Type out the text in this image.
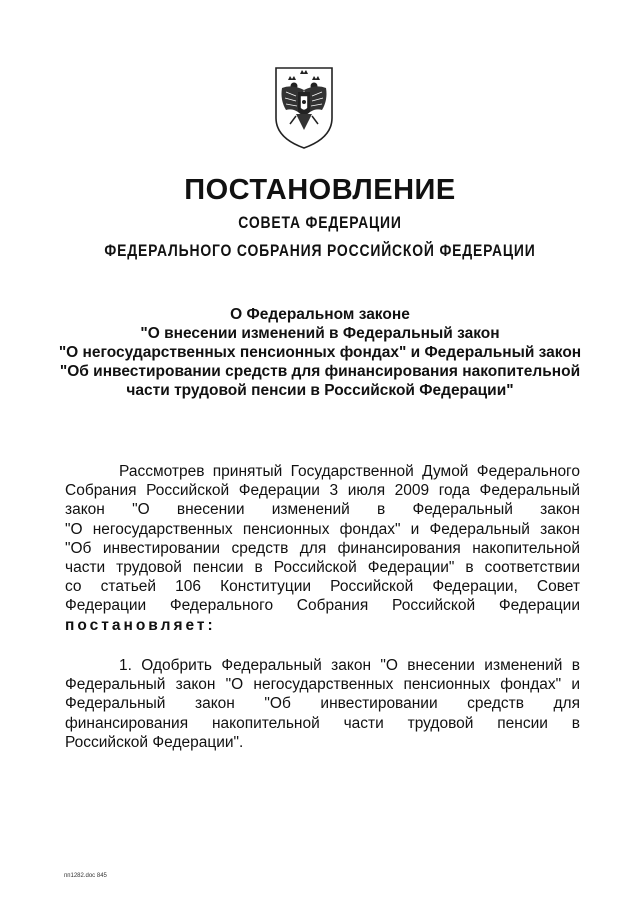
ПОСТАНОВЛЕНИЕ
СОВЕТА ФЕДЕРАЦИИ
ФЕДЕРАЛЬНОГО СОБРАНИЯ РОССИЙСКОЙ ФЕДЕРАЦИИ
О Федеральном законе
"О внесении изменений в Федеральный закон
"О негосударственных пенсионных фондах" и Федеральный закон
"Об инвестировании средств для финансирования накопительной
части трудовой пенсии в Российской Федерации"
Рассмотрев принятый Государственной Думой Федерального
Собрания Российской Федерации 3 июля 2009 года Федеральный
закон "О внесении изменений в Федеральный закон
"О негосударственных пенсионных фондах" и Федеральный закон
"Об инвестировании средств для финансирования накопительной
части трудовой пенсии в Российской Федерации" в соответствии
со статьей 106 Конституции Российской Федерации, Совет
Федерации Федерального Собрания Российской Федерации
постановляет:
1. Одобрить Федеральный закон "О внесении изменений в
Федеральный закон "О негосударственных пенсионных фондах" и
Федеральный закон "Об инвестировании средств для
финансирования накопительной части трудовой пенсии в
Российской Федерации".
пп1282.doc 845
